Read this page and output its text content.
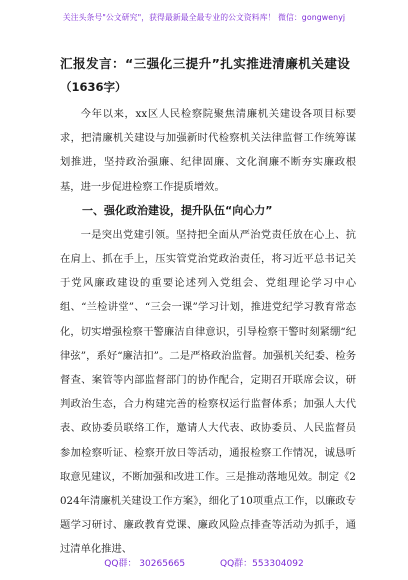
关注头条号"公文研究"，获得最新最全最专业的公文资料库！ 微信：gongwenyj
汇报发言：“三强化三提升”扎实推进清廉机关建设
（1636字）

今年以来，xx区人民检察院聚焦清廉机关建设各项目标要求，把清廉机关建设与加强新时代检察机关法律监督工作统筹谋划推进，坚持政治强廉、纪律固廉、文化润廉不断夯实廉政根基，进一步促进检察工作提质增效。

一、强化政治建设，提升队伍“向心力”

一是突出党建引领。坚持把全面从严治党责任放在心上、抗在肩上、抓在手上，压实管党治党政治责任，将习近平总书记关于党风廉政建设的重要论述列入党组会、党组理论学习中心组、“兰检讲堂”、“三会一课”学习计划，推进党纪学习教育常态化，切实增强检察干警廉洁自律意识，引导检察干警时刻紧绷“纪律弦”，系好“廉洁扣”。二是严格政治监督。加强机关纪委、检务督查、案管等内部监督部门的协作配合，定期召开联席会议，研判政治生态，合力构建完善的检察权运行监督体系；加强人大代表、政协委员联络工作，邀请人大代表、政协委员、人民监督员参加检察听证、检察开放日等活动，通报检察工作情况，诚恳听取意见建议，不断加强和改进工作。三是推动落地见效。制定《2024年清廉机关建设工作方案》，细化了10项重点工作，以廉政专题学习研讨、廉政教育党课、廉政风险点排查等活动为抓手，通过清单化推进、

QQ群： 30265665	QQ群：553304092
